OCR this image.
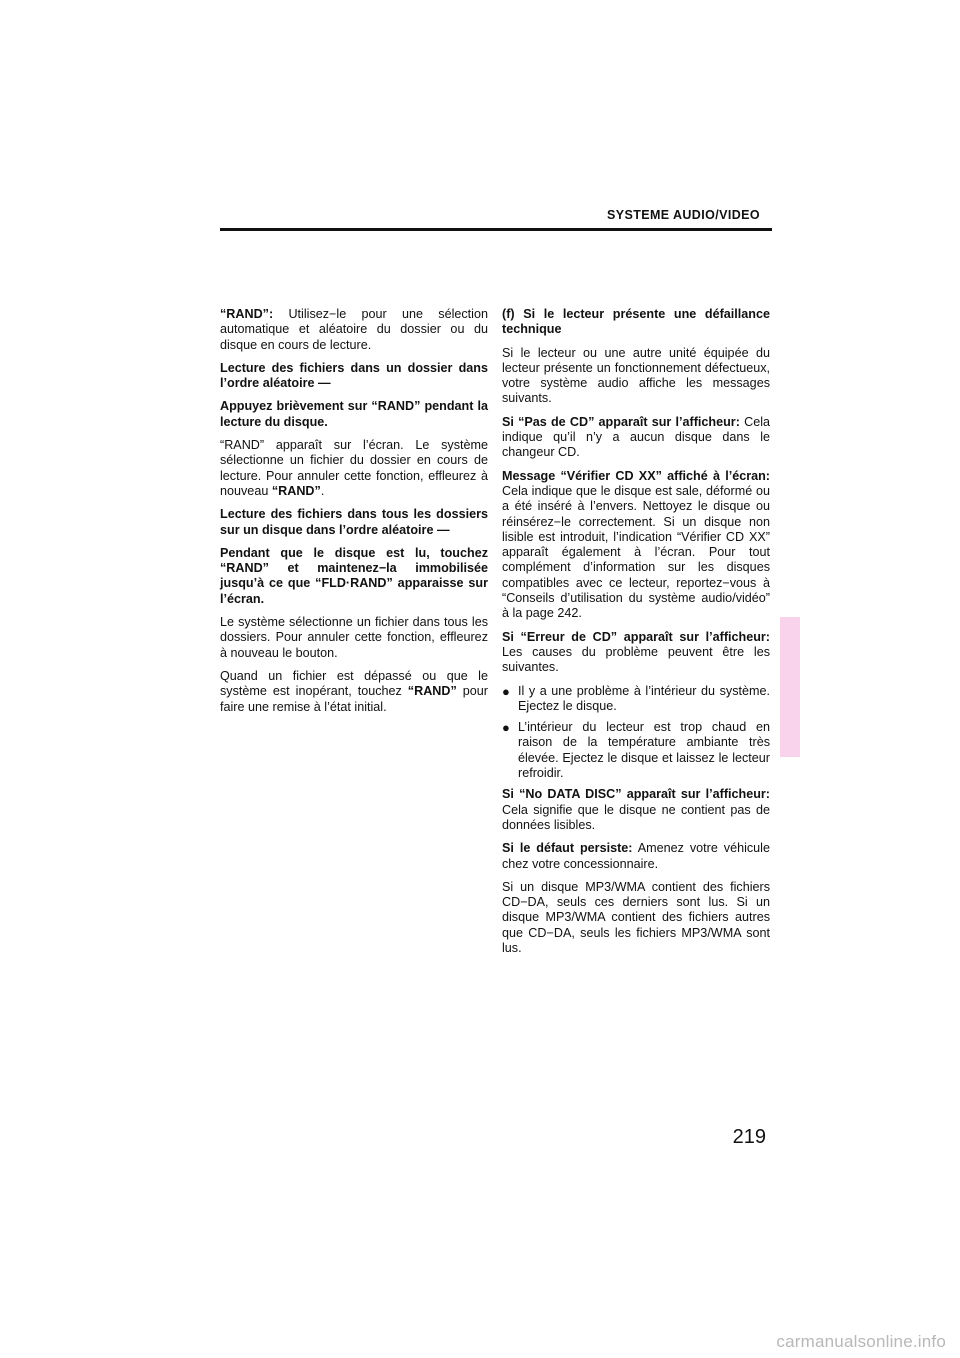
SYSTEME AUDIO/VIDEO

“RAND”: Utilisez−le pour une sélection automatique et aléatoire du dossier ou du disque en cours de lecture.

Lecture des fichiers dans un dossier dans l’ordre aléatoire —

Appuyez brièvement sur “RAND” pendant la lecture du disque.

“RAND” apparaît sur l’écran. Le système sélectionne un fichier du dossier en cours de lecture. Pour annuler cette fonction, effleurez à nouveau “RAND”.

Lecture des fichiers dans tous les dossiers sur un disque dans l’ordre aléatoire —

Pendant que le disque est lu, touchez “RAND” et maintenez−la immobilisée jusqu’à ce que “FLD·RAND” apparaisse sur l’écran.

Le système sélectionne un fichier dans tous les dossiers. Pour annuler cette fonction, effleurez à nouveau le bouton.

Quand un fichier est dépassé ou que le système est inopérant, touchez “RAND” pour faire une remise à l’état initial.

(f) Si le lecteur présente une défaillance technique

Si le lecteur ou une autre unité équipée du lecteur présente un fonctionnement défectueux, votre système audio affiche les messages suivants.

Si “Pas de CD” apparaît sur l’afficheur: Cela indique qu’il n’y a aucun disque dans le changeur CD.

Message “Vérifier CD XX” affiché à l’écran: Cela indique que le disque est sale, déformé ou a été inséré à l’envers. Nettoyez le disque ou réinsérez−le correctement. Si un disque non lisible est introduit, l’indication “Vérifier CD XX” apparaît également à l’écran. Pour tout complément d’information sur les disques compatibles avec ce lecteur, reportez−vous à “Conseils d’utilisation du système audio/vidéo” à la page 242.

Si “Erreur de CD” apparaît sur l’afficheur: Les causes du problème peuvent être les suivantes.

● Il y a une problème à l’intérieur du système. Ejectez le disque.
● L’intérieur du lecteur est trop chaud en raison de la température ambiante très élevée. Ejectez le disque et laissez le lecteur refroidir.

Si “No DATA DISC” apparaît sur l’afficheur: Cela signifie que le disque ne contient pas de données lisibles.

Si le défaut persiste: Amenez votre véhicule chez votre concessionnaire.

Si un disque MP3/WMA contient des fichiers CD−DA, seuls ces derniers sont lus. Si un disque MP3/WMA contient des fichiers autres que CD−DA, seuls les fichiers MP3/WMA sont lus.

219
carmanualsonline.info
